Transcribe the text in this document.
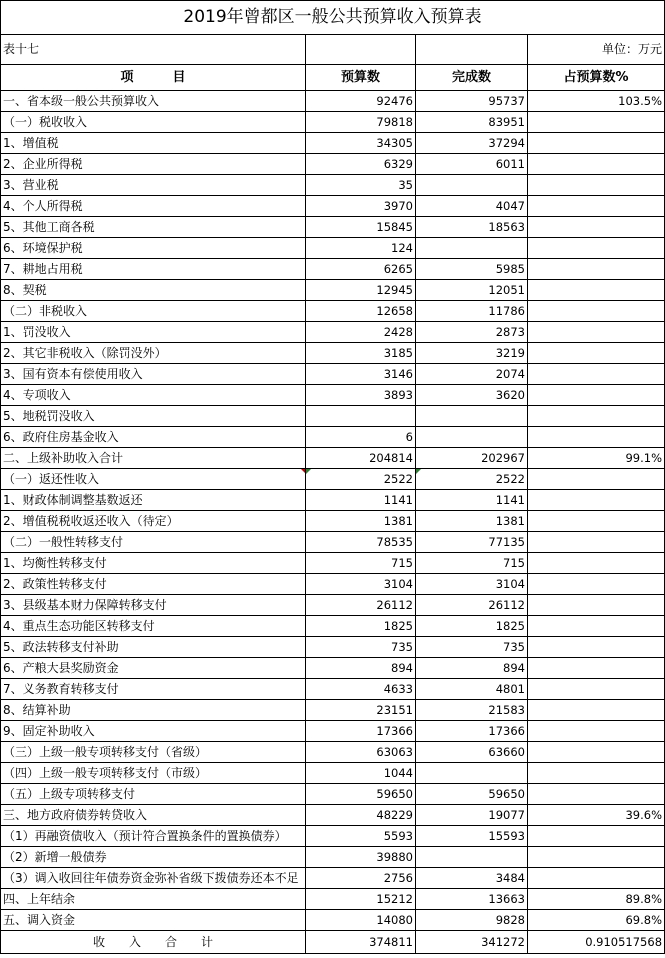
2019年曾都区一般公共预算收入预算表			
表十七			单位：万元
项　　　目	预算数	完成数	占预算数%
一、省本级一般公共预算收入	92476	95737	103.5%
（一）税收收入	79818	83951	
1、增值税	34305	37294	
2、企业所得税	6329	6011	
3、营业税	35		
4、个人所得税	3970	4047	
5、其他工商各税	15845	18563	
6、环境保护税	124		
7、耕地占用税	6265	5985	
8、契税	12945	12051	
（二）非税收入	12658	11786	
1、罚没收入	2428	2873	
2、其它非税收入（除罚没外）	3185	3219	
3、国有资本有偿使用收入	3146	2074	
4、专项收入	3893	3620	
5、地税罚没收入			
6、政府住房基金收入	6		
二、上级补助收入合计	204814	202967	99.1%
（一）返还性收入	2522	2522	
1、财政体制调整基数返还	1141	1141	
2、增值税税收返还收入（待定）	1381	1381	
（二）一般性转移支付	78535	77135	
1、均衡性转移支付	715	715	
2、政策性转移支付	3104	3104	
3、县级基本财力保障转移支付	26112	26112	
4、重点生态功能区转移支付	1825	1825	
5、政法转移支付补助	735	735	
6、产粮大县奖励资金	894	894	
7、义务教育转移支付	4633	4801	
8、结算补助	23151	21583	
9、固定补助收入	17366	17366	
（三）上级一般专项转移支付（省级）	63063	63660	
（四）上级一般专项转移支付（市级）	1044		
（五）上级专项转移支付	59650	59650	
三、地方政府债券转贷收入	48229	19077	39.6%
（1）再融资债收入（预计符合置换条件的置换债券）	5593	15593	
（2）新增一般债券	39880		
（3）调入收回往年债券资金弥补省级下拨债券还本不足	2756	3484	
四、上年结余	15212	13663	89.8%
五、调入资金	14080	9828	69.8%
收　　入　　合　　计	374811	341272	0.910517568
